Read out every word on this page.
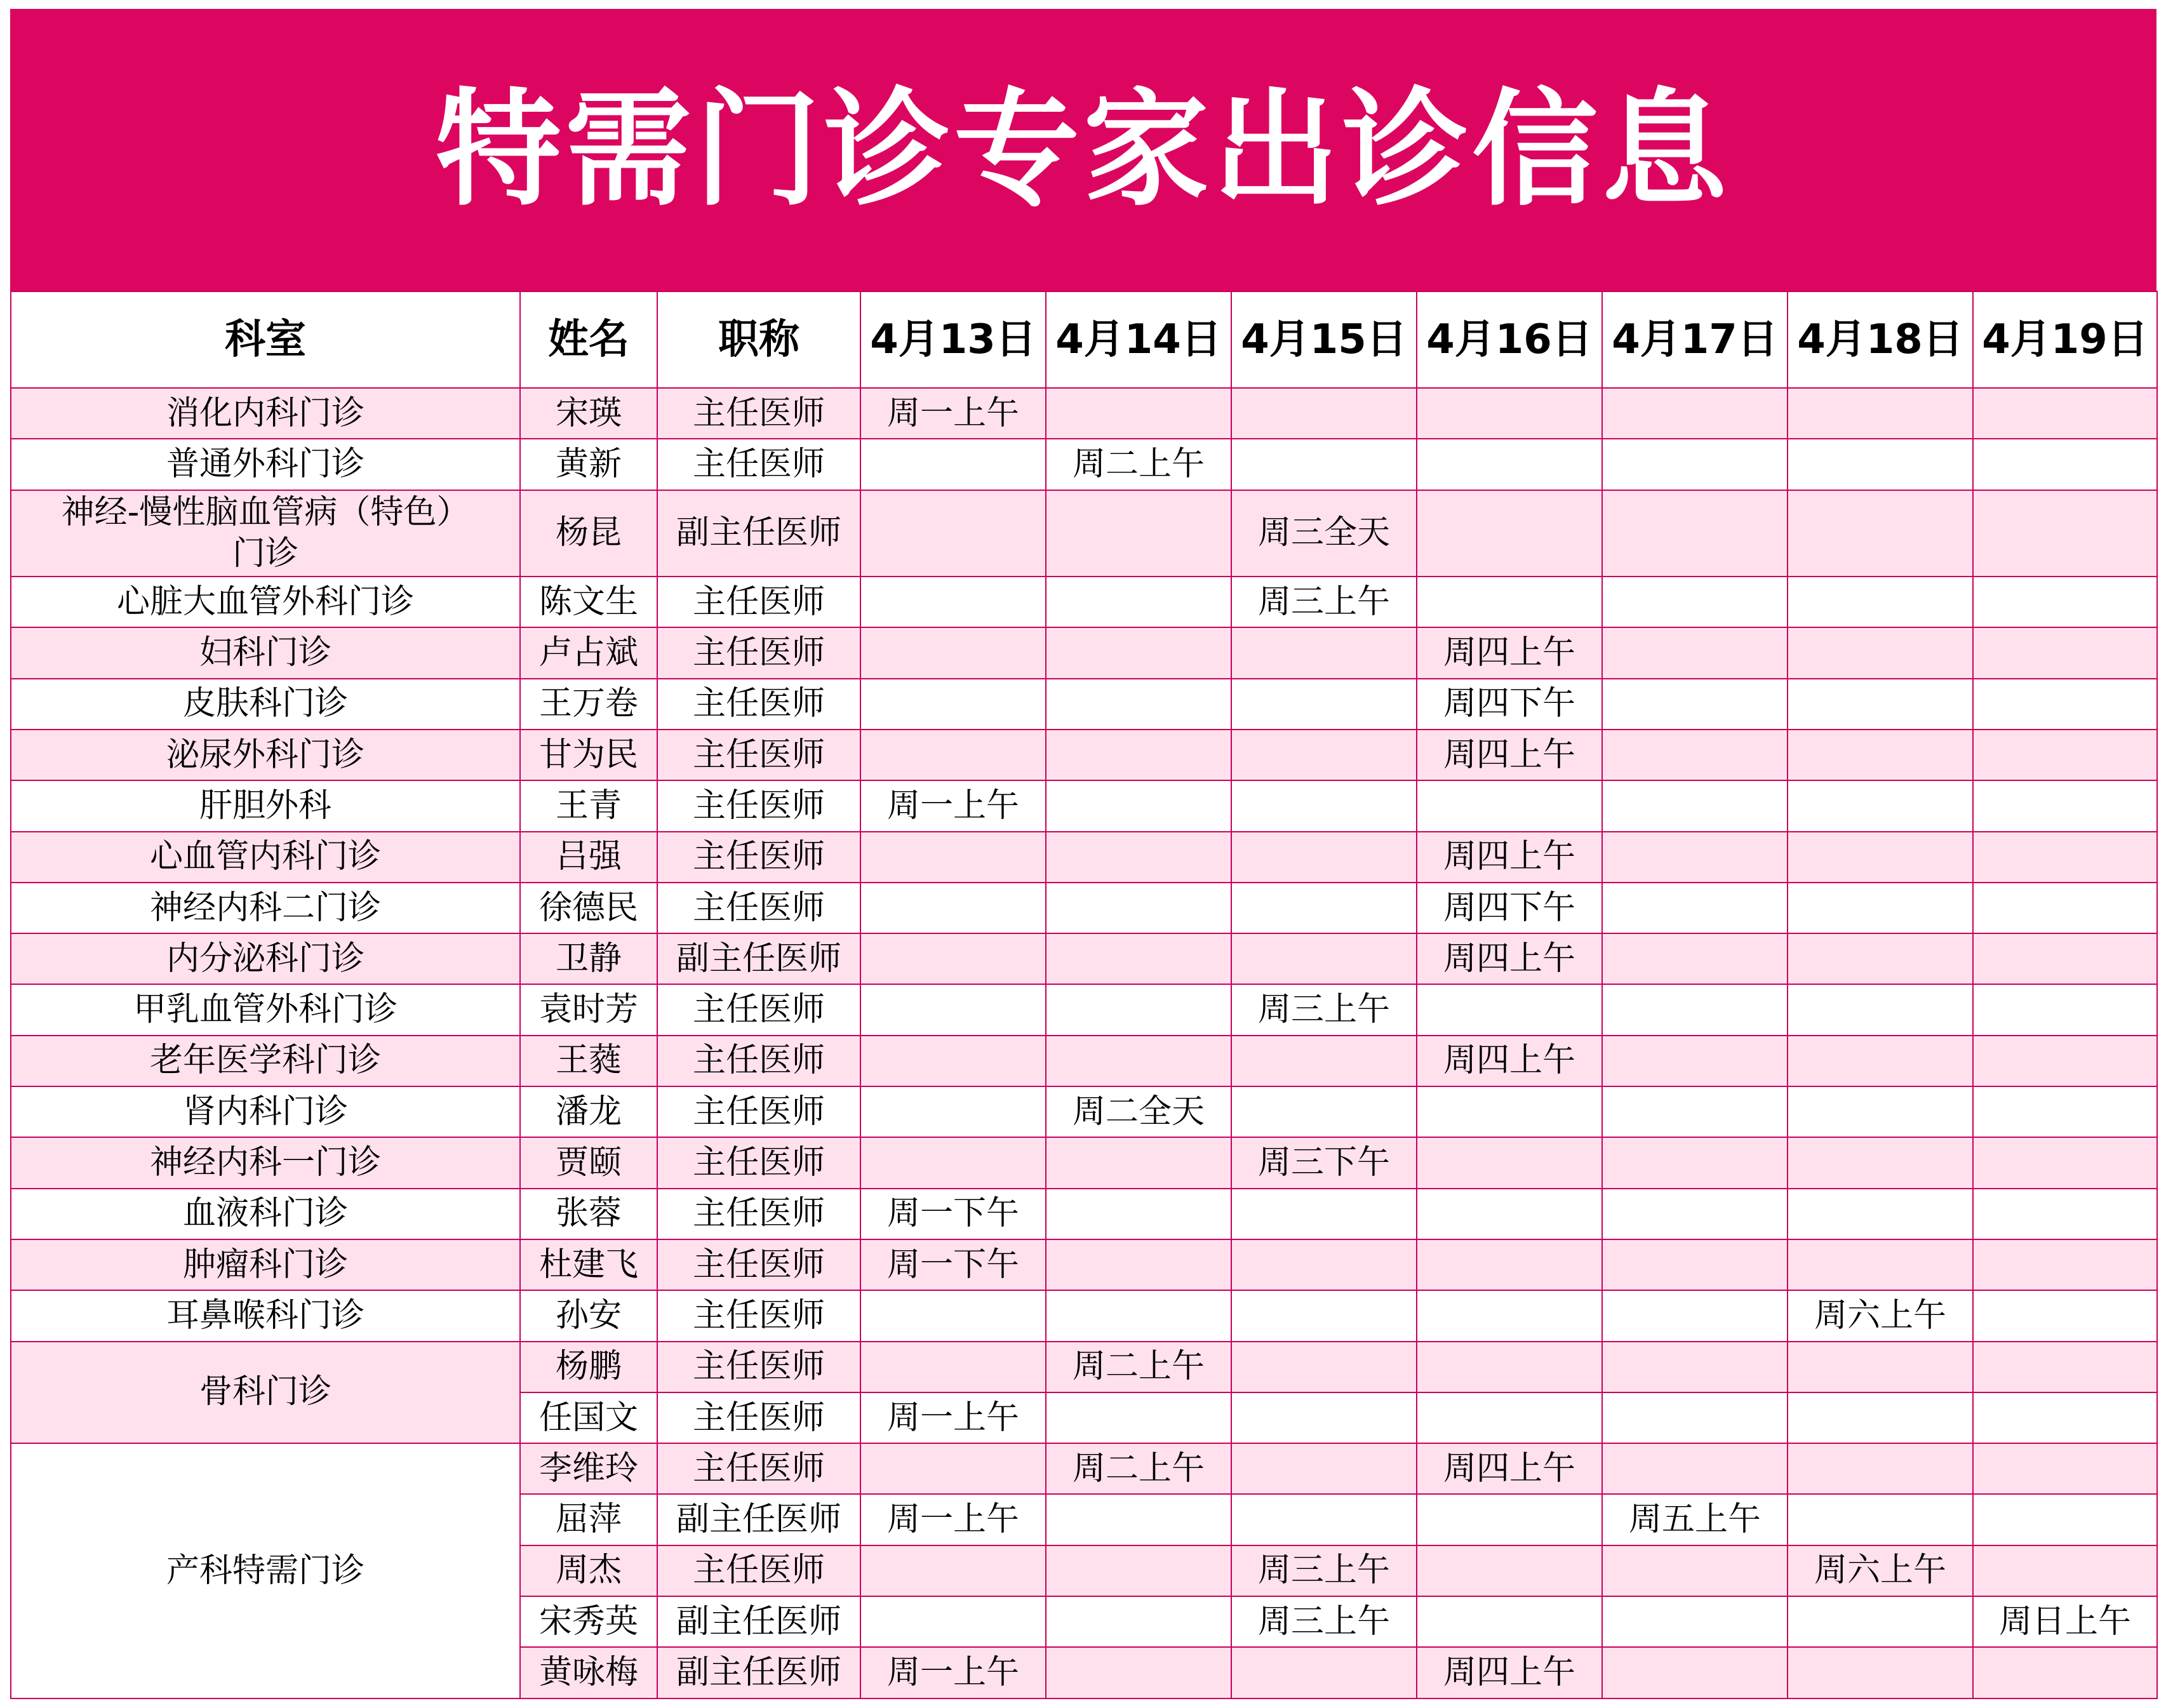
特需门诊专家出诊信息
科室	姓名	职称	4月13日	4月14日	4月15日	4月16日	4月17日	4月18日	4月19日
消化内科门诊	宋瑛	主任医师	周一上午						
普通外科门诊	黄新	主任医师		周二上午					
神经-慢性脑血管病（特色）门诊	杨昆	副主任医师			周三全天				
心脏大血管外科门诊	陈文生	主任医师			周三上午				
妇科门诊	卢占斌	主任医师				周四上午			
皮肤科门诊	王万卷	主任医师				周四下午			
泌尿外科门诊	甘为民	主任医师				周四上午			
肝胆外科	王青	主任医师	周一上午						
心血管内科门诊	吕强	主任医师				周四上午			
神经内科二门诊	徐德民	主任医师				周四下午			
内分泌科门诊	卫静	副主任医师				周四上午			
甲乳血管外科门诊	袁时芳	主任医师			周三上午				
老年医学科门诊	王蕤	主任医师				周四上午			
肾内科门诊	潘龙	主任医师		周二全天					
神经内科一门诊	贾颐	主任医师			周三下午				
血液科门诊	张蓉	主任医师	周一下午						
肿瘤科门诊	杜建飞	主任医师	周一下午						
耳鼻喉科门诊	孙安	主任医师						周六上午	
骨科门诊	杨鹏	主任医师		周二上午					
	任国文	主任医师	周一上午						
产科特需门诊	李维玲	主任医师		周二上午		周四上午			
	屈萍	副主任医师	周一上午				周五上午		
	周杰	主任医师			周三上午			周六上午	
	宋秀英	副主任医师			周三上午				周日上午
	黄咏梅	副主任医师	周一上午			周四上午			
